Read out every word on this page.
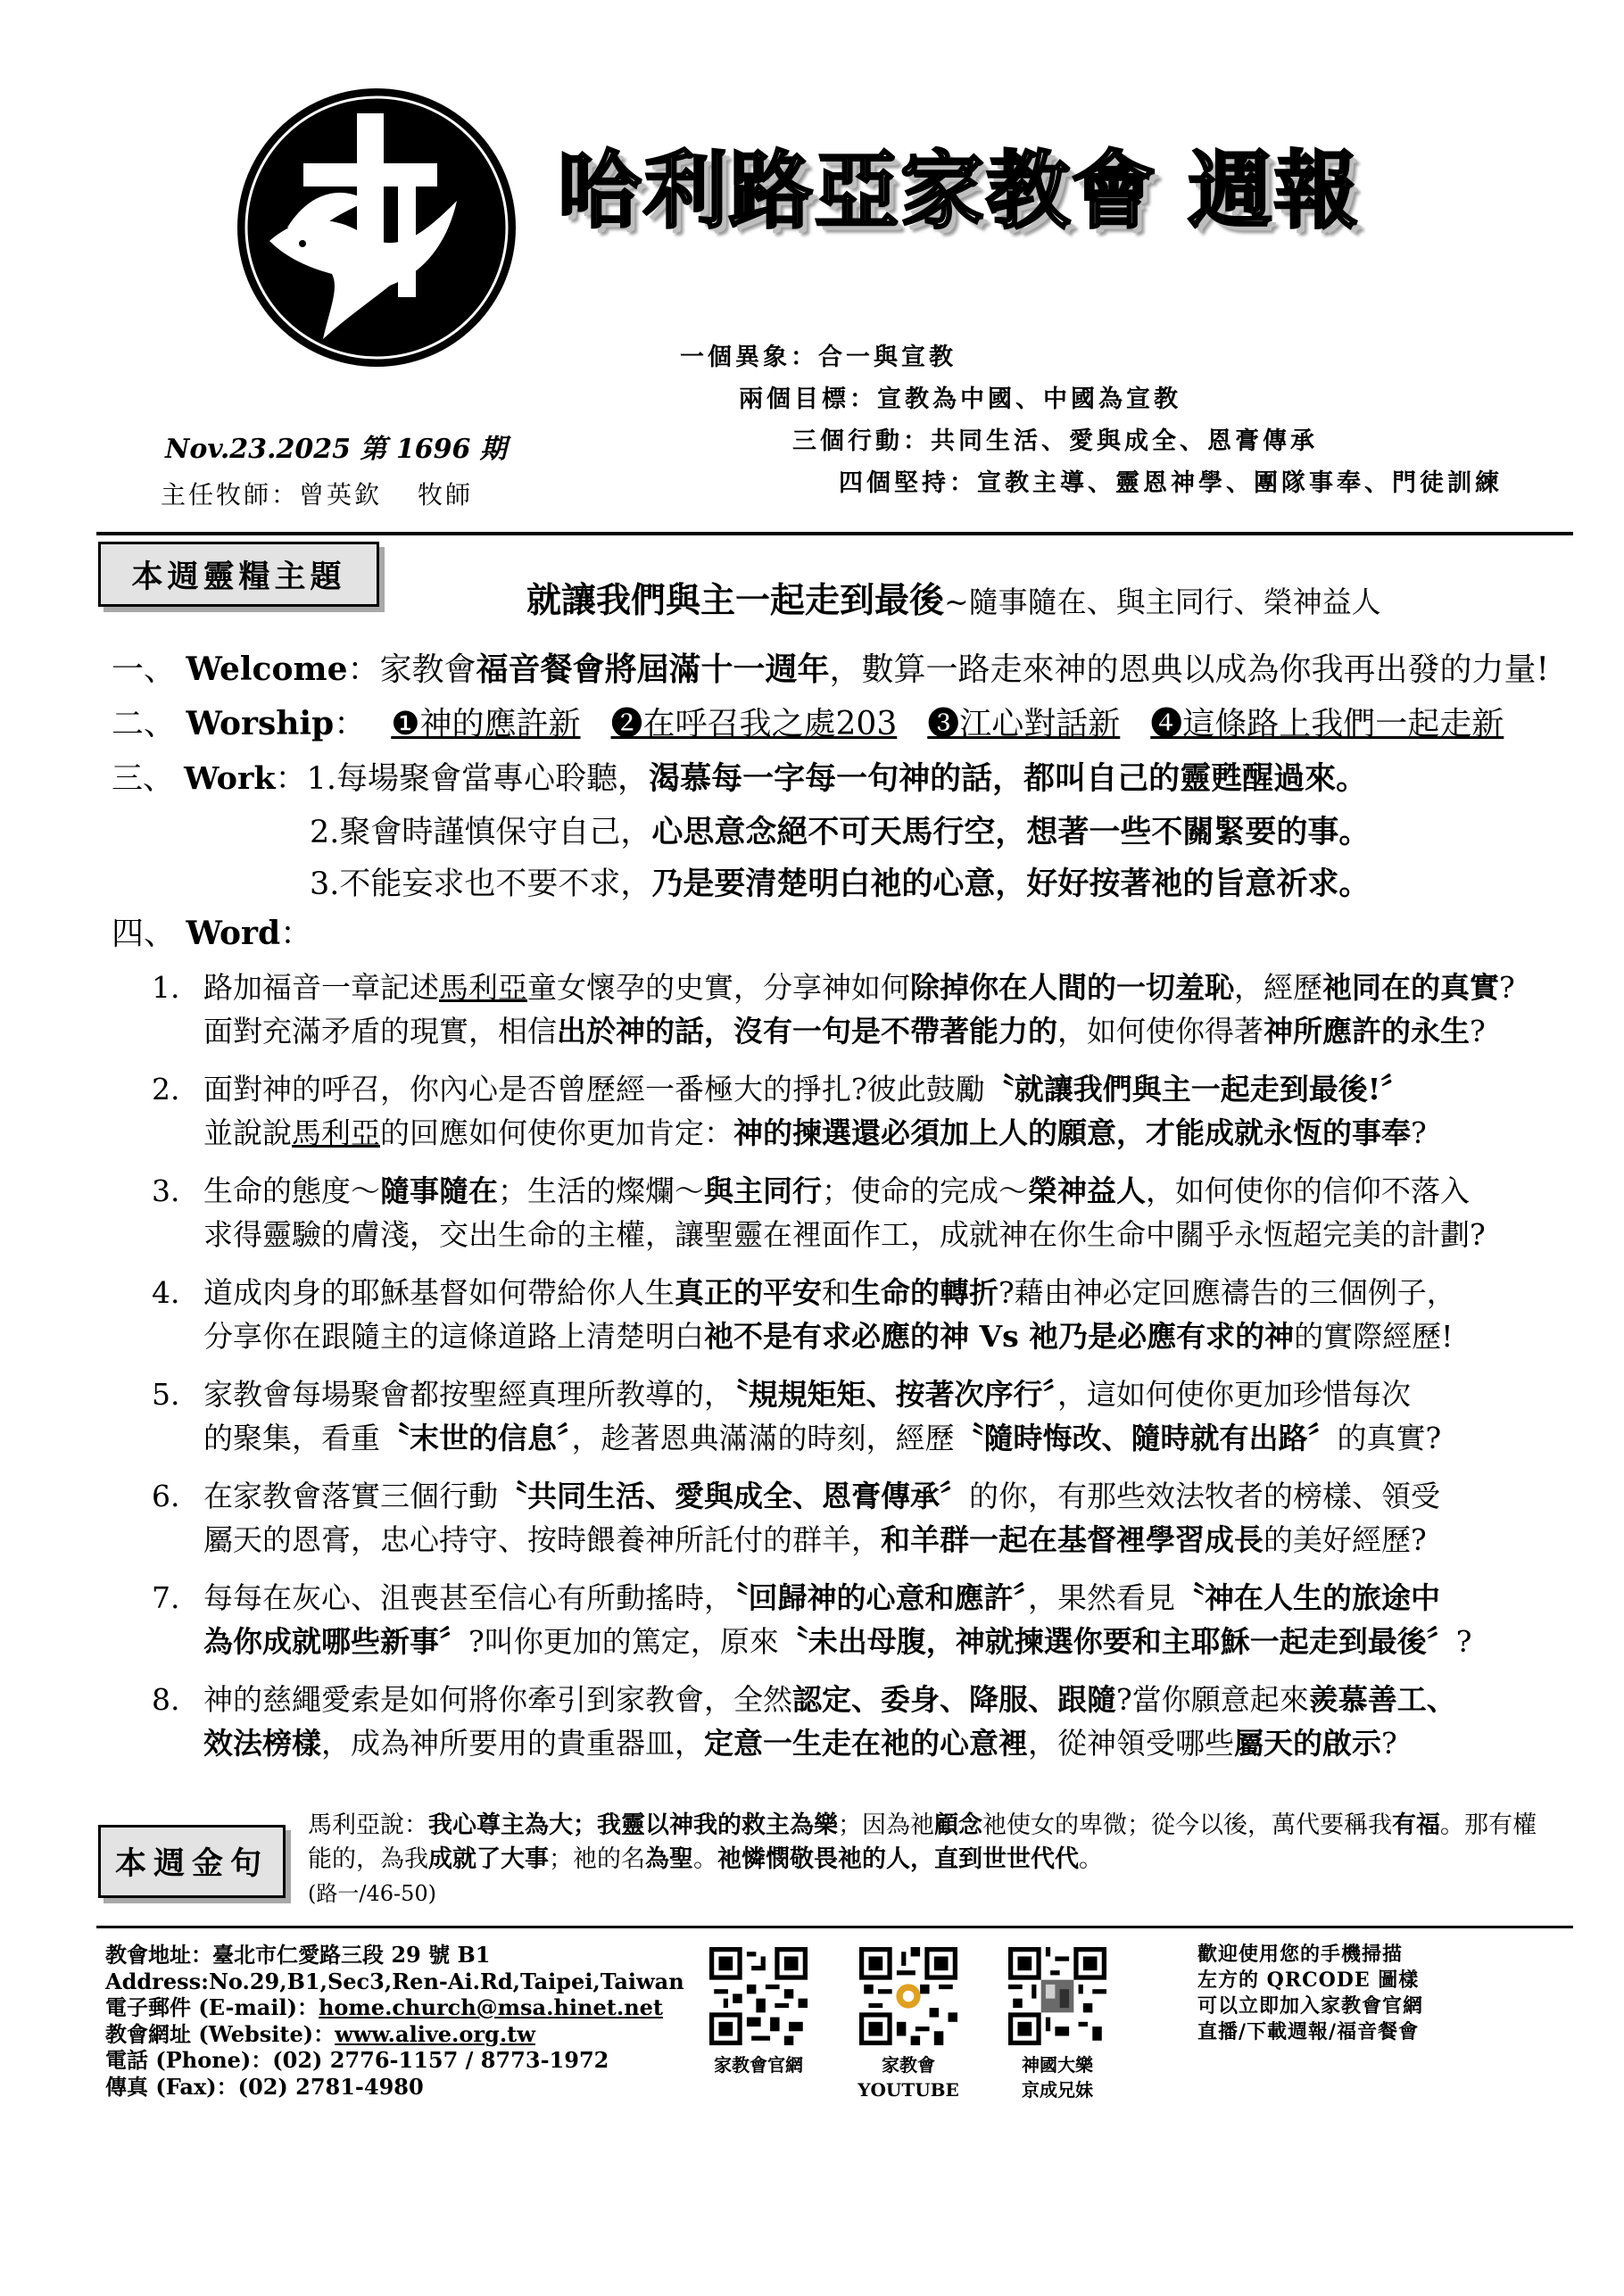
哈利路亞家教會 週報
一個異象：合一與宣教
兩個目標：宣教為中國、中國為宣教
三個行動：共同生活、愛與成全、恩膏傳承
四個堅持：宣教主導、靈恩神學、團隊事奉、門徒訓練
Nov.23.2025 第 1696 期
主任牧師：曾英欽 牧師
本週靈糧主題
就讓我們與主一起走到最後~隨事隨在、與主同行、榮神益人
一、 Welcome：家教會福音餐會將屆滿十一週年，數算一路走來神的恩典以成為你我再出發的力量!
二、 Worship： ❶神的應許新 ❷在呼召我之處203 ❸江心對話新 ❹這條路上我們一起走新
三、 Work：1.每場聚會當專心聆聽，渴慕每一字每一句神的話，都叫自己的靈甦醒過來。
2.聚會時謹慎保守自己，心思意念絕不可天馬行空，想著一些不關緊要的事。
3.不能妄求也不要不求，乃是要清楚明白祂的心意，好好按著祂的旨意祈求。
四、 Word：
1. 路加福音一章記述馬利亞童女懷孕的史實，分享神如何除掉你在人間的一切羞恥，經歷祂同在的真實?
面對充滿矛盾的現實，相信出於神的話，沒有一句是不帶著能力的，如何使你得著神所應許的永生?
2. 面對神的呼召，你內心是否曾歷經一番極大的掙扎?彼此鼓勵〝就讓我們與主一起走到最後!〞
並說說馬利亞的回應如何使你更加肯定：神的揀選還必須加上人的願意，才能成就永恆的事奉?
3. 生命的態度～隨事隨在；生活的燦爛～與主同行；使命的完成～榮神益人，如何使你的信仰不落入
求得靈驗的膚淺，交出生命的主權，讓聖靈在裡面作工，成就神在你生命中關乎永恆超完美的計劃?
4. 道成肉身的耶穌基督如何帶給你人生真正的平安和生命的轉折?藉由神必定回應禱告的三個例子，
分享你在跟隨主的這條道路上清楚明白祂不是有求必應的神 Vs 祂乃是必應有求的神的實際經歷!
5. 家教會每場聚會都按聖經真理所教導的，〝規規矩矩、按著次序行〞，這如何使你更加珍惜每次
的聚集，看重〝末世的信息〞，趁著恩典滿滿的時刻，經歷〝隨時悔改、隨時就有出路〞的真實?
6. 在家教會落實三個行動〝共同生活、愛與成全、恩膏傳承〞的你，有那些效法牧者的榜樣、領受
屬天的恩膏，忠心持守、按時餵養神所託付的群羊，和羊群一起在基督裡學習成長的美好經歷?
7. 每每在灰心、沮喪甚至信心有所動搖時，〝回歸神的心意和應許〞，果然看見〝神在人生的旅途中
為你成就哪些新事〞?叫你更加的篤定，原來〝未出母腹，神就揀選你要和主耶穌一起走到最後〞?
8. 神的慈繩愛索是如何將你牽引到家教會，全然認定、委身、降服、跟隨?當你願意起來羨慕善工、
效法榜樣，成為神所要用的貴重器皿，定意一生走在祂的心意裡，從神領受哪些屬天的啟示?
本週金句
馬利亞說：我心尊主為大；我靈以神我的救主為樂；因為祂顧念祂使女的卑微；從今以後，萬代要稱我有福。那有權能的，為我成就了大事；祂的名為聖。祂憐憫敬畏祂的人，直到世世代代。
(路一/46-50)
教會地址：臺北市仁愛路三段 29 號 B1
Address:No.29,B1,Sec3,Ren-Ai.Rd,Taipei,Taiwan
電子郵件 (E-mail)：home.church@msa.hinet.net
教會網址 (Website)：www.alive.org.tw
電話 (Phone)：(02) 2776-1157 / 8773-1972
傳真 (Fax)：(02) 2781-4980
家教會官網	家教會
YOUTUBE
神國大樂
京成兄妹
歡迎使用您的手機掃描
左方的 QRCODE 圖樣
可以立即加入家教會官網
直播/下載週報/福音餐會
